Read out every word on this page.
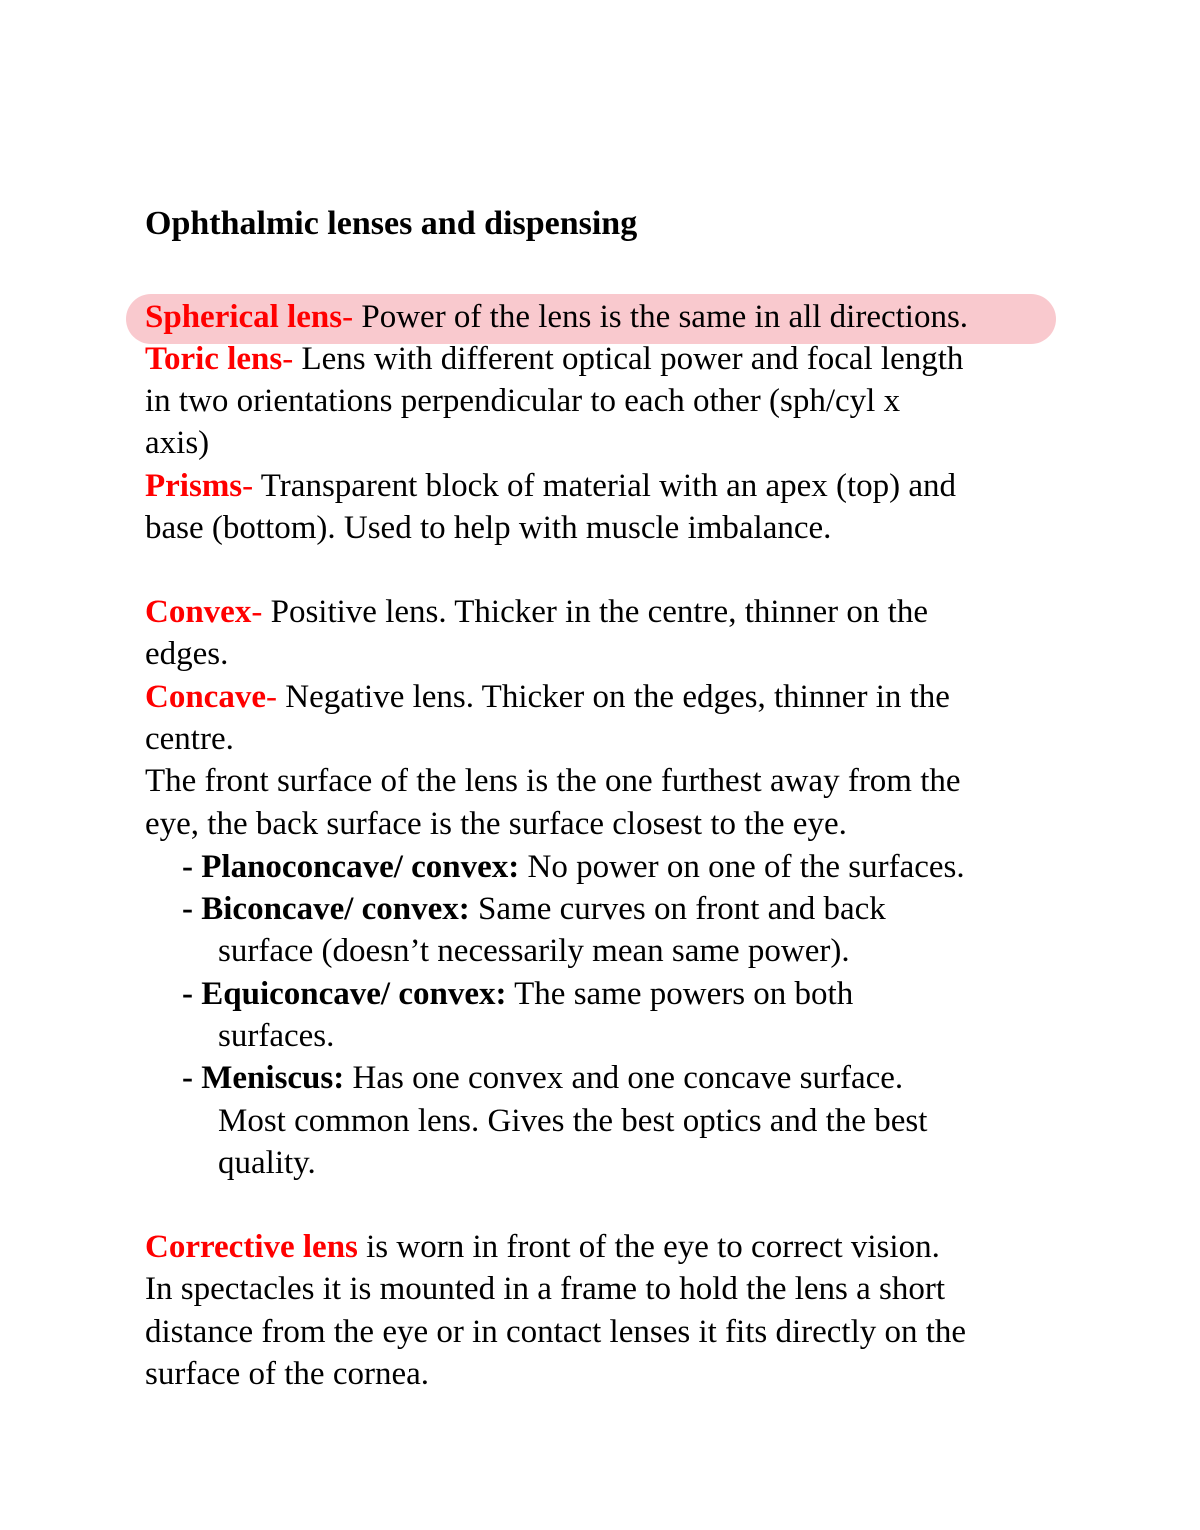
Ophthalmic lenses and dispensing
Spherical lens- Power of the lens is the same in all directions.
Toric lens- Lens with different optical power and focal length
in two orientations perpendicular to each other (sph/cyl x
axis)
Prisms- Transparent block of material with an apex (top) and
base (bottom). Used to help with muscle imbalance.
Convex- Positive lens. Thicker in the centre, thinner on the
edges.
Concave- Negative lens. Thicker on the edges, thinner in the
centre.
The front surface of the lens is the one furthest away from the
eye, the back surface is the surface closest to the eye.
- Planoconcave/ convex: No power on one of the surfaces.
- Biconcave/ convex: Same curves on front and back
surface (doesn’t necessarily mean same power).
- Equiconcave/ convex: The same powers on both
surfaces.
- Meniscus: Has one convex and one concave surface.
Most common lens. Gives the best optics and the best
quality.
Corrective lens is worn in front of the eye to correct vision.
In spectacles it is mounted in a frame to hold the lens a short
distance from the eye or in contact lenses it fits directly on the
surface of the cornea.
